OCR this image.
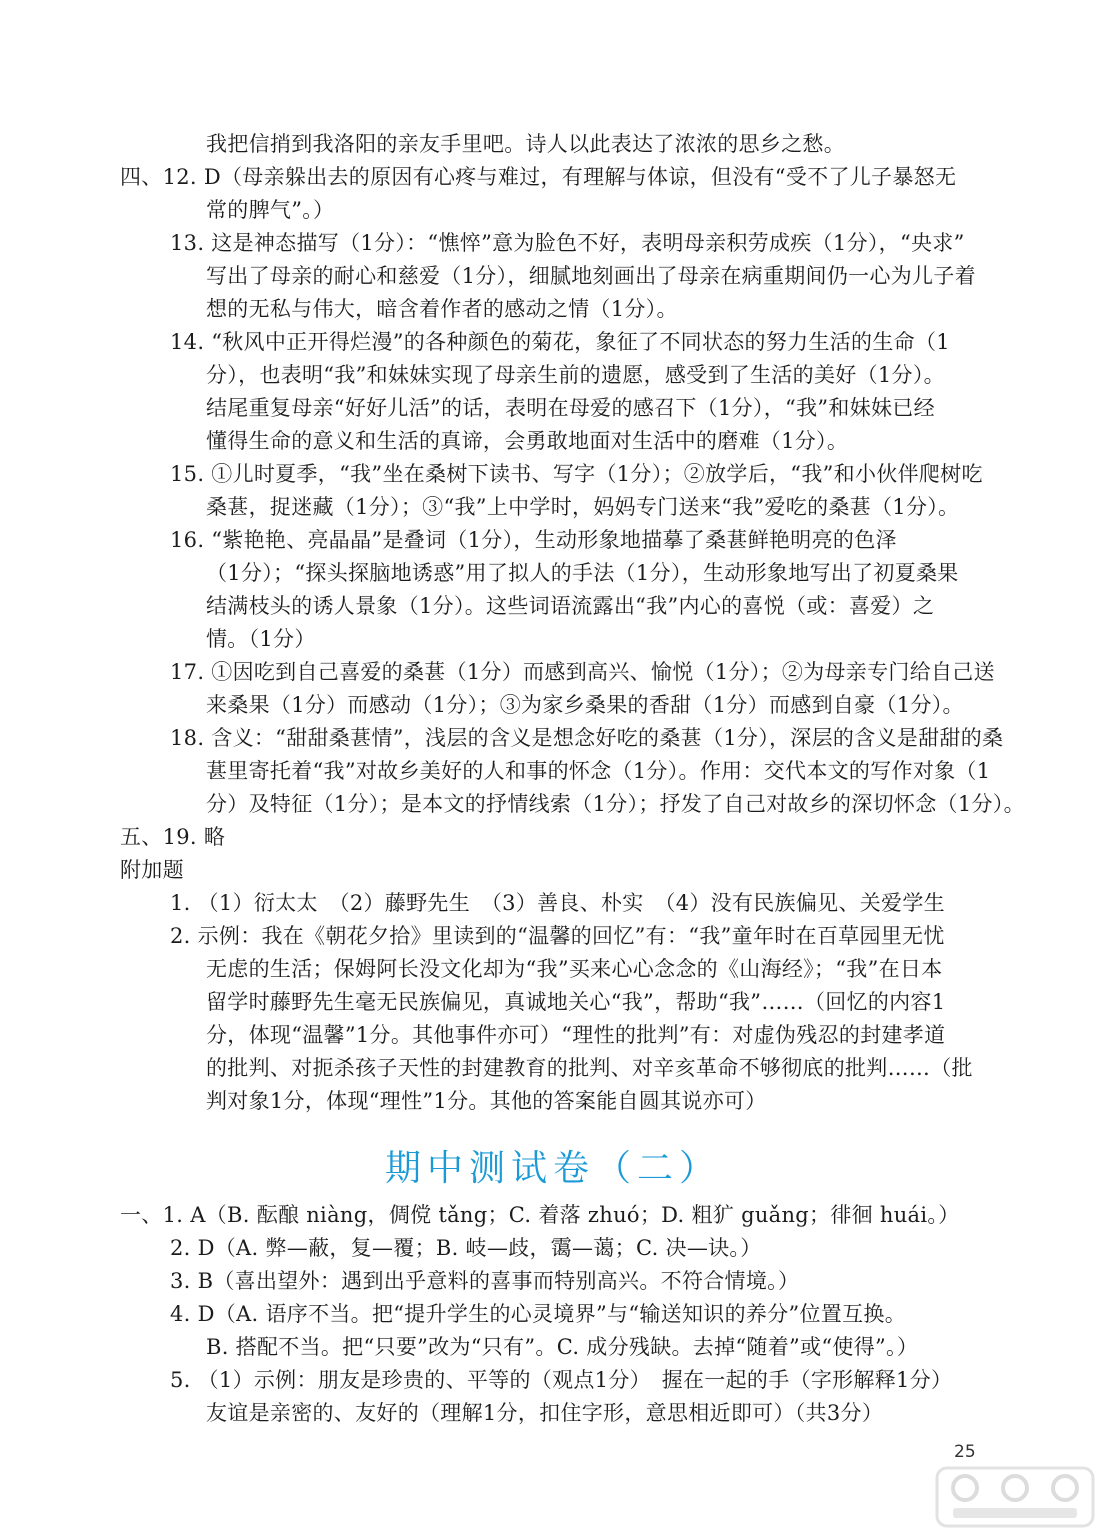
我把信捎到我洛阳的亲友手里吧。诗人以此表达了浓浓的思乡之愁。
四、12. D（母亲躲出去的原因有心疼与难过，有理解与体谅，但没有“受不了儿子暴怒无
常的脾气”。）
13. 这是神态描写（1分）：“憔悴”意为脸色不好，表明母亲积劳成疾（1分），“央求”
写出了母亲的耐心和慈爱（1分），细腻地刻画出了母亲在病重期间仍一心为儿子着
想的无私与伟大，暗含着作者的感动之情（1分）。
14. “秋风中正开得烂漫”的各种颜色的菊花，象征了不同状态的努力生活的生命（1
分），也表明“我”和妹妹实现了母亲生前的遗愿，感受到了生活的美好（1分）。
结尾重复母亲“好好儿活”的话，表明在母爱的感召下（1分），“我”和妹妹已经
懂得生命的意义和生活的真谛，会勇敢地面对生活中的磨难（1分）。
15. ①儿时夏季，“我”坐在桑树下读书、写字（1分）；②放学后，“我”和小伙伴爬树吃
桑葚，捉迷藏（1分）；③“我”上中学时，妈妈专门送来“我”爱吃的桑葚（1分）。
16. “紫艳艳、亮晶晶”是叠词（1分），生动形象地描摹了桑葚鲜艳明亮的色泽
（1分）；“探头探脑地诱惑”用了拟人的手法（1分），生动形象地写出了初夏桑果
结满枝头的诱人景象（1分）。这些词语流露出“我”内心的喜悦（或：喜爱）之
情。（1分）
17. ①因吃到自己喜爱的桑葚（1分）而感到高兴、愉悦（1分）；②为母亲专门给自己送
来桑果（1分）而感动（1分）；③为家乡桑果的香甜（1分）而感到自豪（1分）。
18. 含义：“甜甜桑葚情”，浅层的含义是想念好吃的桑葚（1分），深层的含义是甜甜的桑
葚里寄托着“我”对故乡美好的人和事的怀念（1分）。作用：交代本文的写作对象（1
分）及特征（1分）；是本文的抒情线索（1分）；抒发了自己对故乡的深切怀念（1分）。
五、19. 略
附加题
1. （1）衍太太　（2）藤野先生　（3）善良、朴实　（4）没有民族偏见、关爱学生
2. 示例：我在《朝花夕拾》里读到的“温馨的回忆”有：“我”童年时在百草园里无忧
无虑的生活；保姆阿长没文化却为“我”买来心心念念的《山海经》；“我”在日本
留学时藤野先生毫无民族偏见，真诚地关心“我”，帮助“我”……（回忆的内容1
分，体现“温馨”1分。其他事件亦可）“理性的批判”有：对虚伪残忍的封建孝道
的批判、对扼杀孩子天性的封建教育的批判、对辛亥革命不够彻底的批判……（批
判对象1分，体现“理性”1分。其他的答案能自圆其说亦可）
期中测试卷（二）
一、1. A（B. 酝酿 niàng，倜傥 tǎng；C. 着落 zhuó；D. 粗犷 guǎng；徘徊 huái。）
2. D（A. 弊—蔽，复—覆；B. 岐—歧，霭—蔼；C. 决—诀。）
3. B（喜出望外：遇到出乎意料的喜事而特别高兴。不符合情境。）
4. D（A. 语序不当。把“提升学生的心灵境界”与“输送知识的养分”位置互换。
B. 搭配不当。把“只要”改为“只有”。C. 成分残缺。去掉“随着”或“使得”。）
5. （1）示例：朋友是珍贵的、平等的（观点1分）　握在一起的手（字形解释1分）
友谊是亲密的、友好的（理解1分，扣住字形，意思相近即可）（共3分）
25
